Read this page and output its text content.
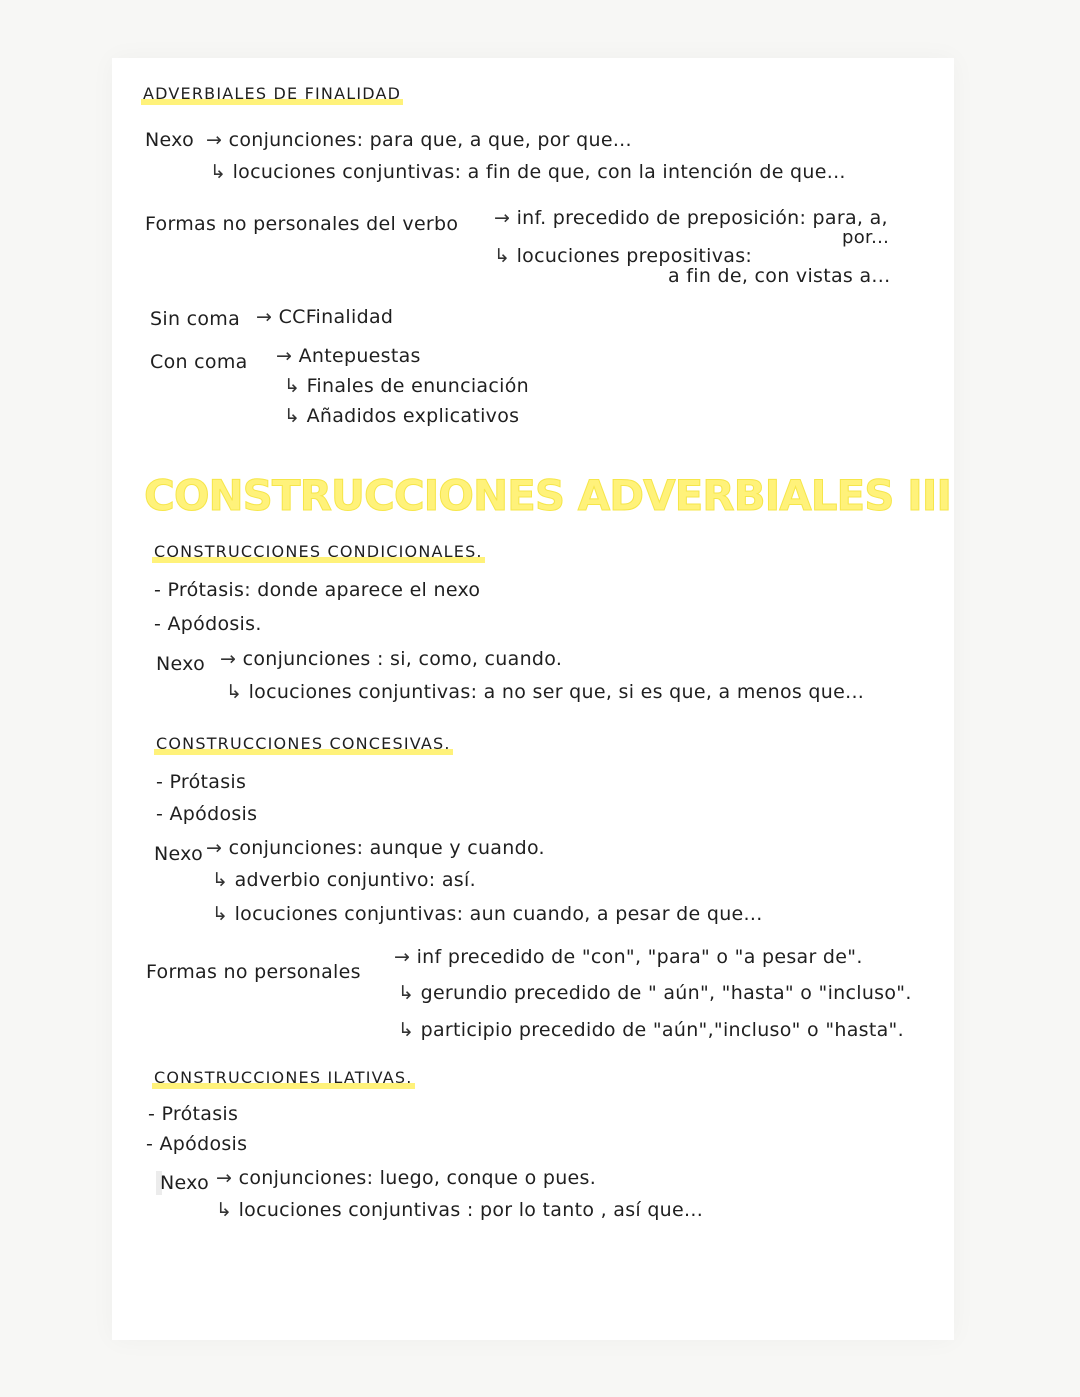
ADVERBIALES DE FINALIDAD
Nexo → conjunciones: para que, a que, por que...
↳ locuciones conjuntivas: a fin de que, con la intención de que...
Formas no personales del verbo → inf. precedido de preposición: para, a,
por...
↳ locuciones prepositivas:
a fin de, con vistas a...
Sin coma → CCFinalidad
Con coma → Antepuestas
↳ Finales de enunciación
↳ Añadidos explicativos
CONSTRUCCIONES ADVERBIALES III
CONSTRUCCIONES CONDICIONALES.
- Prótasis: donde aparece el nexo
- Apódosis.
Nexo → conjunciones : si, como, cuando.
↳ locuciones conjuntivas: a no ser que, si es que, a menos que...
CONSTRUCCIONES CONCESIVAS.
- Prótasis
- Apódosis
Nexo → conjunciones: aunque y cuando.
↳ adverbio conjuntivo: así.
↳ locuciones conjuntivas: aun cuando, a pesar de que...
Formas no personales
→ inf precedido de "con", "para" o "a pesar de".
↳ gerundio precedido de " aún", "hasta" o "incluso".
↳ participio precedido de "aún","incluso" o "hasta".
CONSTRUCCIONES ILATIVAS.
- Prótasis
- Apódosis
Nexo → conjunciones: luego, conque o pues.
↳ locuciones conjuntivas : por lo tanto , así que...
